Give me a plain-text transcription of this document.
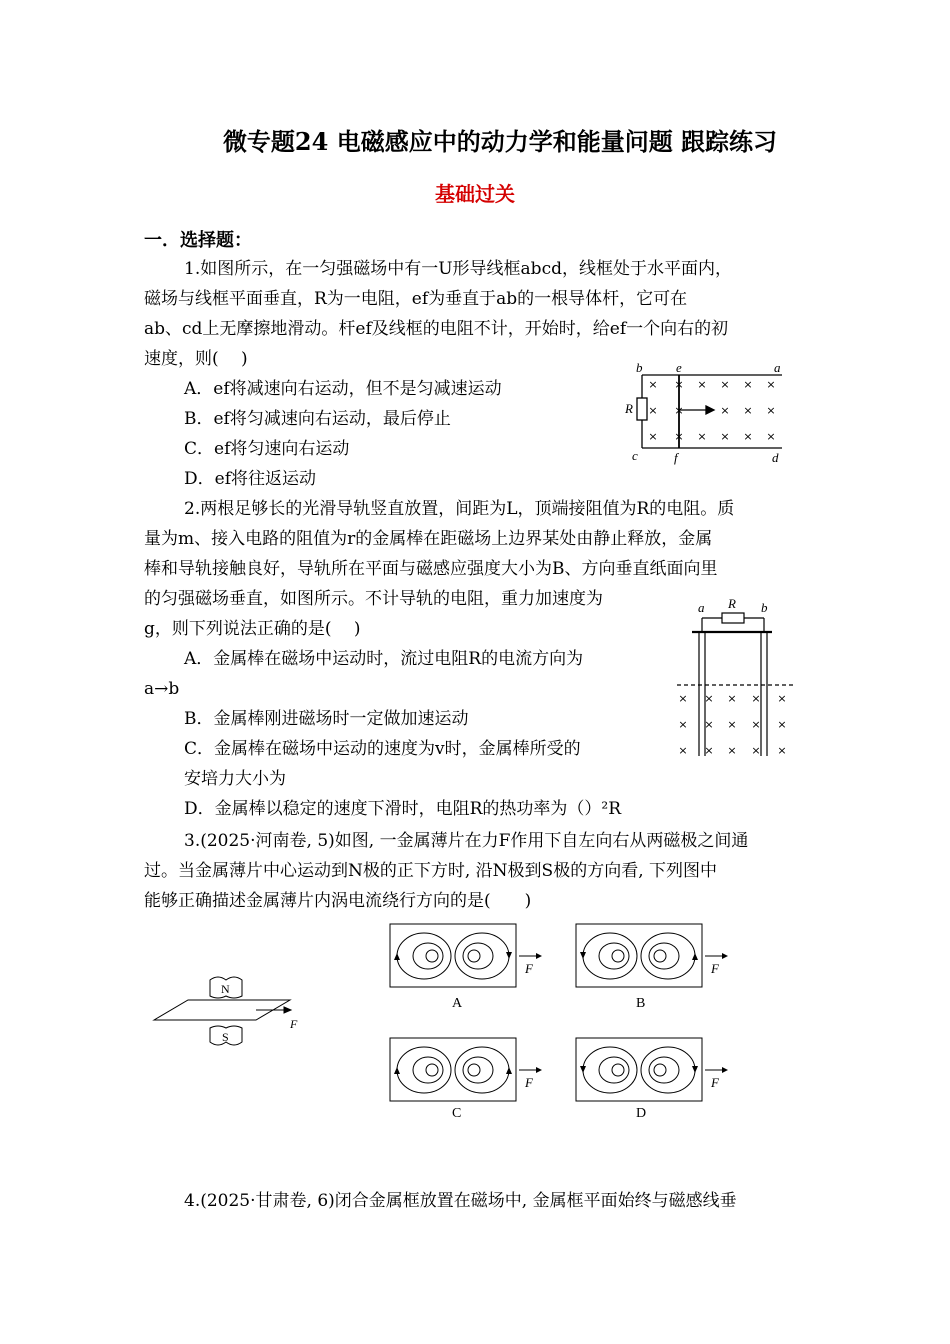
微专题24 电磁感应中的动力学和能量问题 跟踪练习
基础过关
一．选择题：
1.如图所示，在一匀强磁场中有一U形导线框abcd，线框处于水平面内，
磁场与线框平面垂直，R为一电阻，ef为垂直于ab的一根导体杆，它可在
ab、cd上无摩擦地滑动。杆ef及线框的电阻不计，开始时，给ef一个向右的初
速度，则(　 )
A．ef将减速向右运动，但不是匀减速运动
B．ef将匀减速向右运动，最后停止
C．ef将匀速向右运动
D．ef将往返运动
× × × × × ×
× ×	× × ×
× × × × × ×
b	e	a
R
c	f	d
2.两根足够长的光滑导轨竖直放置，间距为L，顶端接阻值为R的电阻。质
量为m、接入电路的阻值为r的金属棒在距磁场上边界某处由静止释放，金属
棒和导轨接触良好，导轨所在平面与磁感应强度大小为B、方向垂直纸面向里
的匀强磁场垂直，如图所示。不计导轨的电阻，重力加速度为
g，则下列说法正确的是(　 )
A．金属棒在磁场中运动时，流过电阻R的电流方向为
a→b
B．金属棒刚进磁场时一定做加速运动
C．金属棒在磁场中运动的速度为v时，金属棒所受的
安培力大小为
D．金属棒以稳定的速度下滑时，电阻R的热功率为（）²R
× × × × ×
× × × × ×
× × × × ×
a R b
3.(2025·河南卷, 5)如图, 一金属薄片在力F作用下自左向右从两磁极之间通
过。当金属薄片中心运动到N极的正下方时, 沿N极到S极的方向看, 下列图中
能够正确描述金属薄片内涡电流绕行方向的是(　　)
N
S
F
F
A
F
B
F
C
F
D
4.(2025·甘肃卷, 6)闭合金属框放置在磁场中, 金属框平面始终与磁感线垂
